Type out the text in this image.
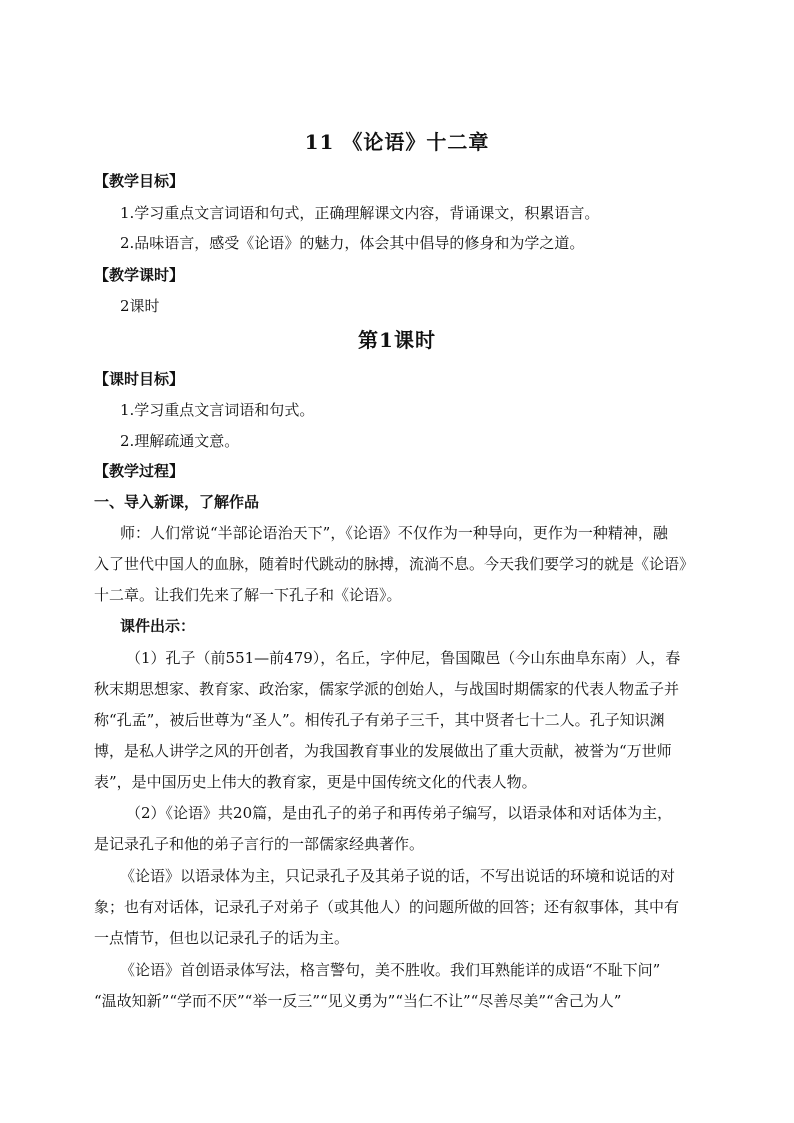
11 《论语》十二章
【教学目标】
1.学习重点文言词语和句式，正确理解课文内容，背诵课文，积累语言。
2.品味语言，感受《论语》的魅力，体会其中倡导的修身和为学之道。
【教学课时】
2课时
第1课时
【课时目标】
1.学习重点文言词语和句式。
2.理解疏通文意。
【教学过程】
一、导入新课，了解作品
师：人们常说“半部论语治天下”，《论语》不仅作为一种导向，更作为一种精神，融
入了世代中国人的血脉，随着时代跳动的脉搏，流淌不息。今天我们要学习的就是《论语》
十二章。让我们先来了解一下孔子和《论语》。
课件出示：
（1）孔子（前551—前479），名丘，字仲尼，鲁国陬邑（今山东曲阜东南）人，春
秋末期思想家、教育家、政治家，儒家学派的创始人，与战国时期儒家的代表人物孟子并
称“孔孟”，被后世尊为“圣人”。相传孔子有弟子三千，其中贤者七十二人。孔子知识渊
博，是私人讲学之风的开创者，为我国教育事业的发展做出了重大贡献，被誉为“万世师
表”，是中国历史上伟大的教育家，更是中国传统文化的代表人物。
（2）《论语》共20篇，是由孔子的弟子和再传弟子编写，以语录体和对话体为主，
是记录孔子和他的弟子言行的一部儒家经典著作。
《论语》以语录体为主，只记录孔子及其弟子说的话，不写出说话的环境和说话的对
象；也有对话体，记录孔子对弟子（或其他人）的问题所做的回答；还有叙事体，其中有
一点情节，但也以记录孔子的话为主。
《论语》首创语录体写法，格言警句，美不胜收。我们耳熟能详的成语“不耻下问”
“温故知新”“学而不厌”“举一反三”“见义勇为”“当仁不让”“尽善尽美”“舍己为人”
